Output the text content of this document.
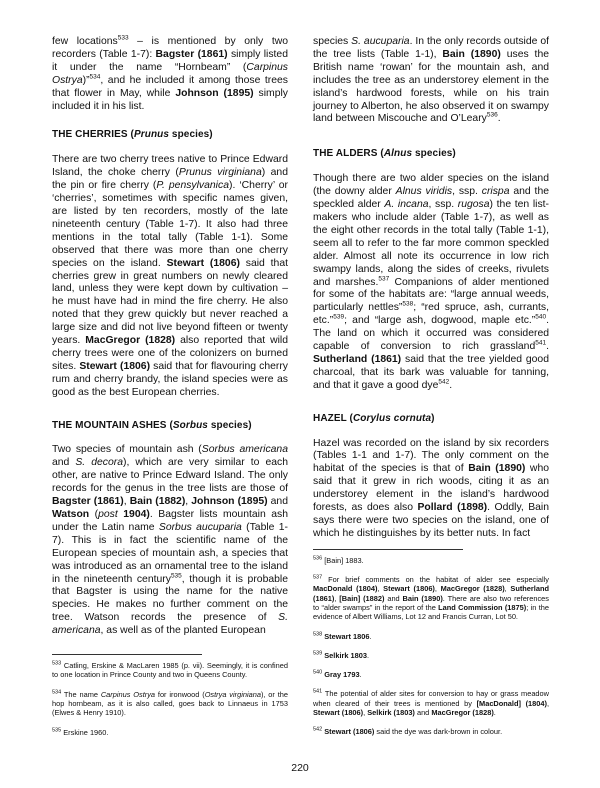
few locations$^{533}$ – is mentioned by only two recorders (Table 1-7): Bagster (1861) simply listed it under the name “Hornbeam” (Carpinus Ostrya)”$^{534}$, and he included it among those trees that flower in May, while Johnson (1895) simply included it in his list.

THE CHERRIES (Prunus species)

There are two cherry trees native to Prince Edward Island, the choke cherry (Prunus virginiana) and the pin or fire cherry (P. pensylvanica). ‘Cherry’ or ‘cherries’, sometimes with specific names given, are listed by ten recorders, mostly of the late nineteenth century (Table 1-7). It also had three mentions in the total tally (Table 1-1). Some observed that there was more than one cherry species on the island. Stewart (1806) said that cherries grew in great numbers on newly cleared land, unless they were kept down by cultivation – he must have had in mind the fire cherry. He also noted that they grew quickly but never reached a large size and did not live beyond fifteen or twenty years. MacGregor (1828) also reported that wild cherry trees were one of the colonizers on burned sites. Stewart (1806) said that for flavouring cherry rum and cherry brandy, the island species were as good as the best European cherries.

THE MOUNTAIN ASHES (Sorbus species)

Two species of mountain ash (Sorbus americana and S. decora), which are very similar to each other, are native to Prince Edward Island. The only records for the genus in the tree lists are those of Bagster (1861), Bain (1882), Johnson (1895) and Watson (post 1904). Bagster lists mountain ash under the Latin name Sorbus aucuparia (Table 1-7). This is in fact the scientific name of the European species of mountain ash, a species that was introduced as an ornamental tree to the island in the nineteenth century$^{535}$, though it is probable that Bagster is using the name for the native species. He makes no further comment on the tree. Watson records the presence of S. americana, as well as of the planted European

$^{533}$ Catling, Erskine & MacLaren 1985 (p. vii). Seemingly, it is confined to one location in Prince County and two in Queens County.

$^{534}$ The name Carpinus Ostrya for ironwood (Ostrya virginiana), or the hop hornbeam, as it is also called, goes back to Linnaeus in 1753 (Elwes & Henry 1910).

$^{535}$ Erskine 1960.

species S. aucuparia. In the only records outside of the tree lists (Table 1-1), Bain (1890) uses the British name ‘rowan’ for the mountain ash, and includes the tree as an understorey element in the island’s hardwood forests, while on his train journey to Alberton, he also observed it on swampy land between Miscouche and O’Leary$^{536}$.

THE ALDERS (Alnus species)

Though there are two alder species on the island (the downy alder Alnus viridis, ssp. crispa and the speckled alder A. incana, ssp. rugosa) the ten list-makers who include alder (Table 1-7), as well as the eight other records in the total tally (Table 1-1), seem all to refer to the far more common speckled alder. Almost all note its occurrence in low rich swampy lands, along the sides of creeks, rivulets and marshes.$^{537}$ Companions of alder mentioned for some of the habitats are: “large annual weeds, particularly nettles”$^{538}$; “red spruce, ash, currants, etc.”$^{539}$; and “large ash, dogwood, maple etc.”$^{540}$. The land on which it occurred was considered capable of conversion to rich grassland$^{541}$. Sutherland (1861) said that the tree yielded good charcoal, that its bark was valuable for tanning, and that it gave a good dye$^{542}$.

HAZEL (Corylus cornuta)

Hazel was recorded on the island by six recorders (Tables 1-1 and 1-7). The only comment on the habitat of the species is that of Bain (1890) who said that it grew in rich woods, citing it as an understorey element in the island’s hardwood forests, as does also Pollard (1898). Oddly, Bain says there were two species on the island, one of which he distinguishes by its better nuts. In fact

$^{536}$ [Bain] 1883.

$^{537}$ For brief comments on the habitat of alder see especially MacDonald (1804), Stewart (1806), MacGregor (1828), Sutherland (1861), [Bain] (1882) and Bain (1890). There are also two references to “alder swamps” in the report of the Land Commission (1875); in the evidence of Albert Williams, Lot 12 and Francis Curran, Lot 50.

$^{538}$ Stewart 1806.

$^{539}$ Selkirk 1803.

$^{540}$ Gray 1793.

$^{541}$ The potential of alder sites for conversion to hay or grass meadow when cleared of their trees is mentioned by [MacDonald] (1804), Stewart (1806), Selkirk (1803) and MacGregor (1828).

$^{542}$ Stewart (1806) said the dye was dark-brown in colour.

220
